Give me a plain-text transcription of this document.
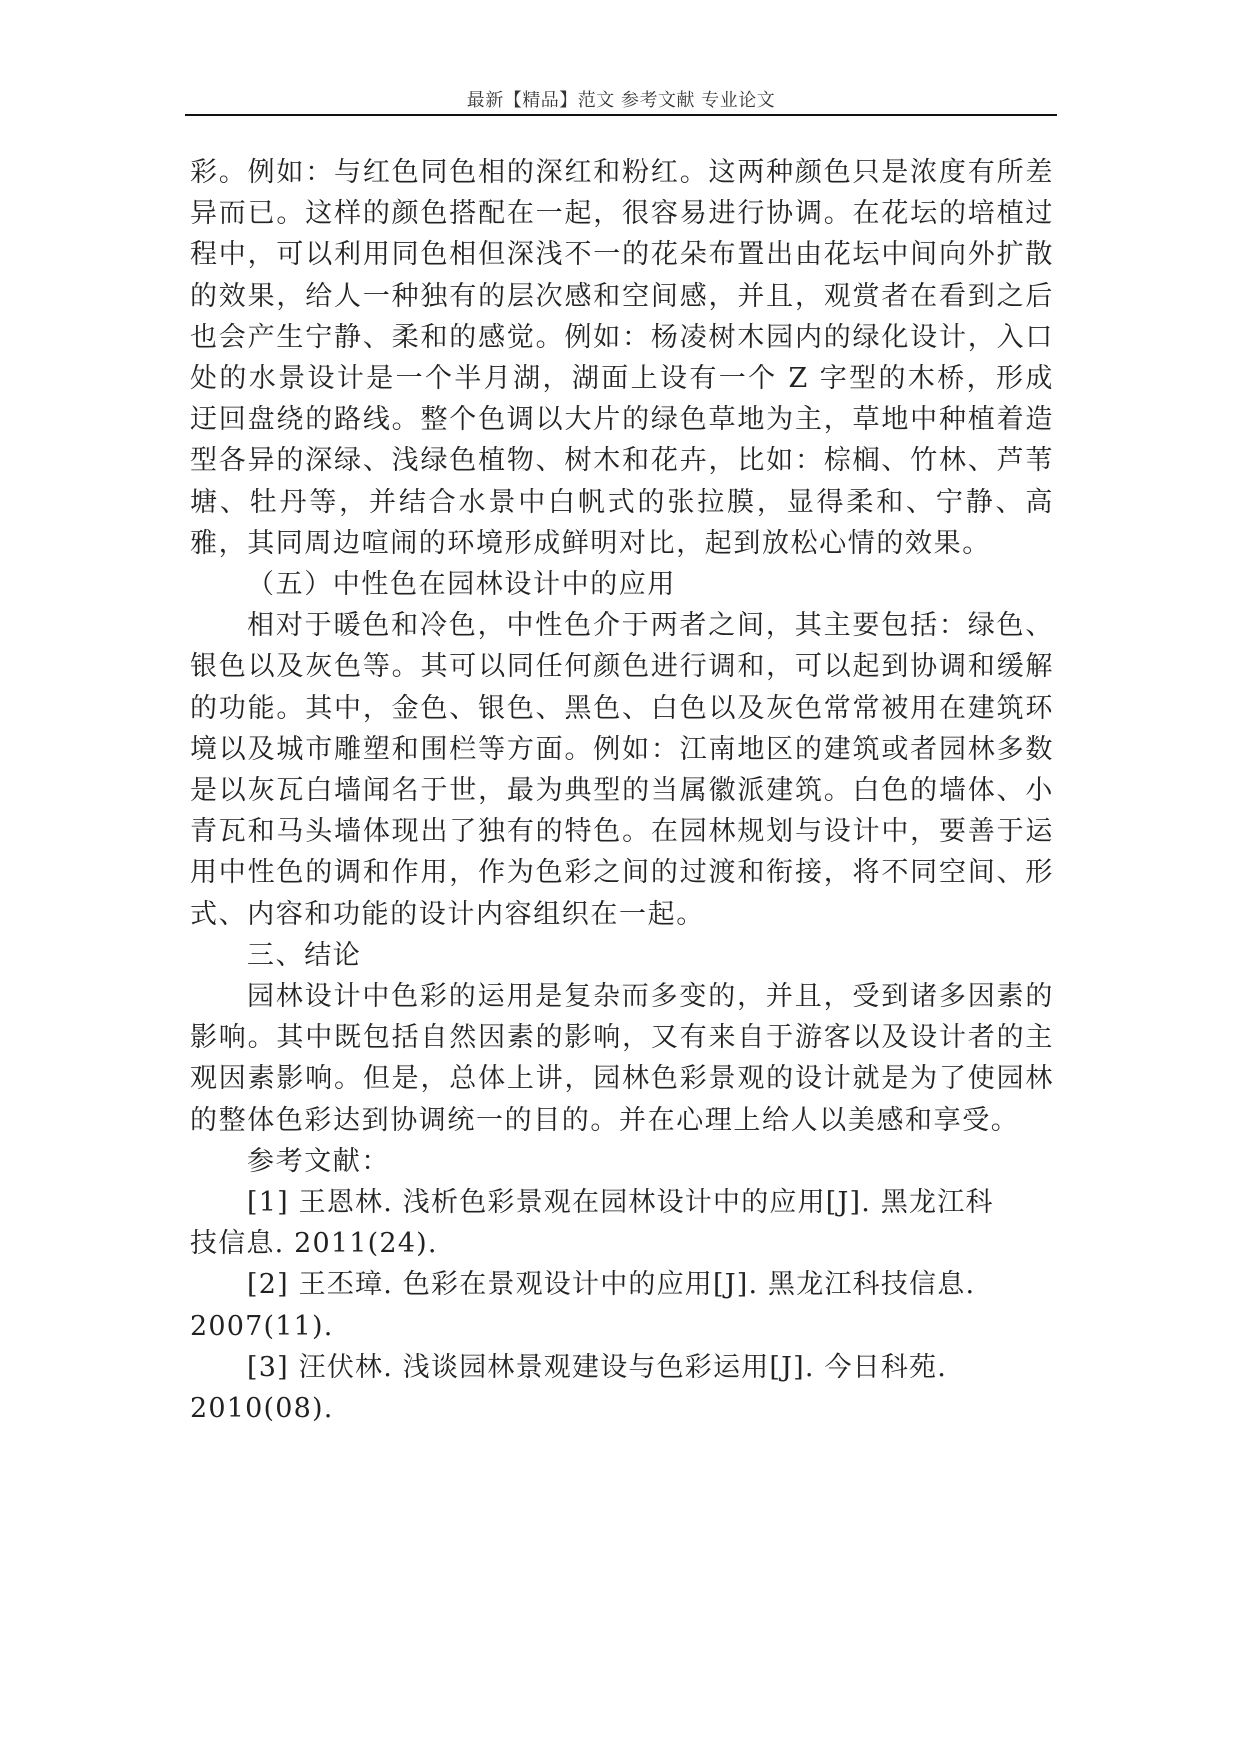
最新【精品】范文 参考文献 专业论文

彩。例如：与红色同色相的深红和粉红。这两种颜色只是浓度有所差异而已。这样的颜色搭配在一起，很容易进行协调。在花坛的培植过程中，可以利用同色相但深浅不一的花朵布置出由花坛中间向外扩散的效果，给人一种独有的层次感和空间感，并且，观赏者在看到之后也会产生宁静、柔和的感觉。例如：杨凌树木园内的绿化设计，入口处的水景设计是一个半月湖，湖面上设有一个 Z 字型的木桥，形成迂回盘绕的路线。整个色调以大片的绿色草地为主，草地中种植着造型各异的深绿、浅绿色植物、树木和花卉，比如：棕榈、竹林、芦苇塘、牡丹等，并结合水景中白帆式的张拉膜，显得柔和、宁静、高雅，其同周边喧闹的环境形成鲜明对比，起到放松心情的效果。

（五）中性色在园林设计中的应用

相对于暖色和冷色，中性色介于两者之间，其主要包括：绿色、银色以及灰色等。其可以同任何颜色进行调和，可以起到协调和缓解的功能。其中，金色、银色、黑色、白色以及灰色常常被用在建筑环境以及城市雕塑和围栏等方面。例如：江南地区的建筑或者园林多数是以灰瓦白墙闻名于世，最为典型的当属徽派建筑。白色的墙体、小青瓦和马头墙体现出了独有的特色。在园林规划与设计中，要善于运用中性色的调和作用，作为色彩之间的过渡和衔接，将不同空间、形式、内容和功能的设计内容组织在一起。

三、结论

园林设计中色彩的运用是复杂而多变的，并且，受到诸多因素的影响。其中既包括自然因素的影响，又有来自于游客以及设计者的主观因素影响。但是，总体上讲，园林色彩景观的设计就是为了使园林的整体色彩达到协调统一的目的。并在心理上给人以美感和享受。

参考文献：

[1] 王恩林. 浅析色彩景观在园林设计中的应用[J]. 黑龙江科

技信息. 2011(24).

[2] 王丕璋. 色彩在景观设计中的应用[J]. 黑龙江科技信息.

2007(11).

[3] 汪伏林. 浅谈园林景观建设与色彩运用[J]. 今日科苑.

2010(08).
